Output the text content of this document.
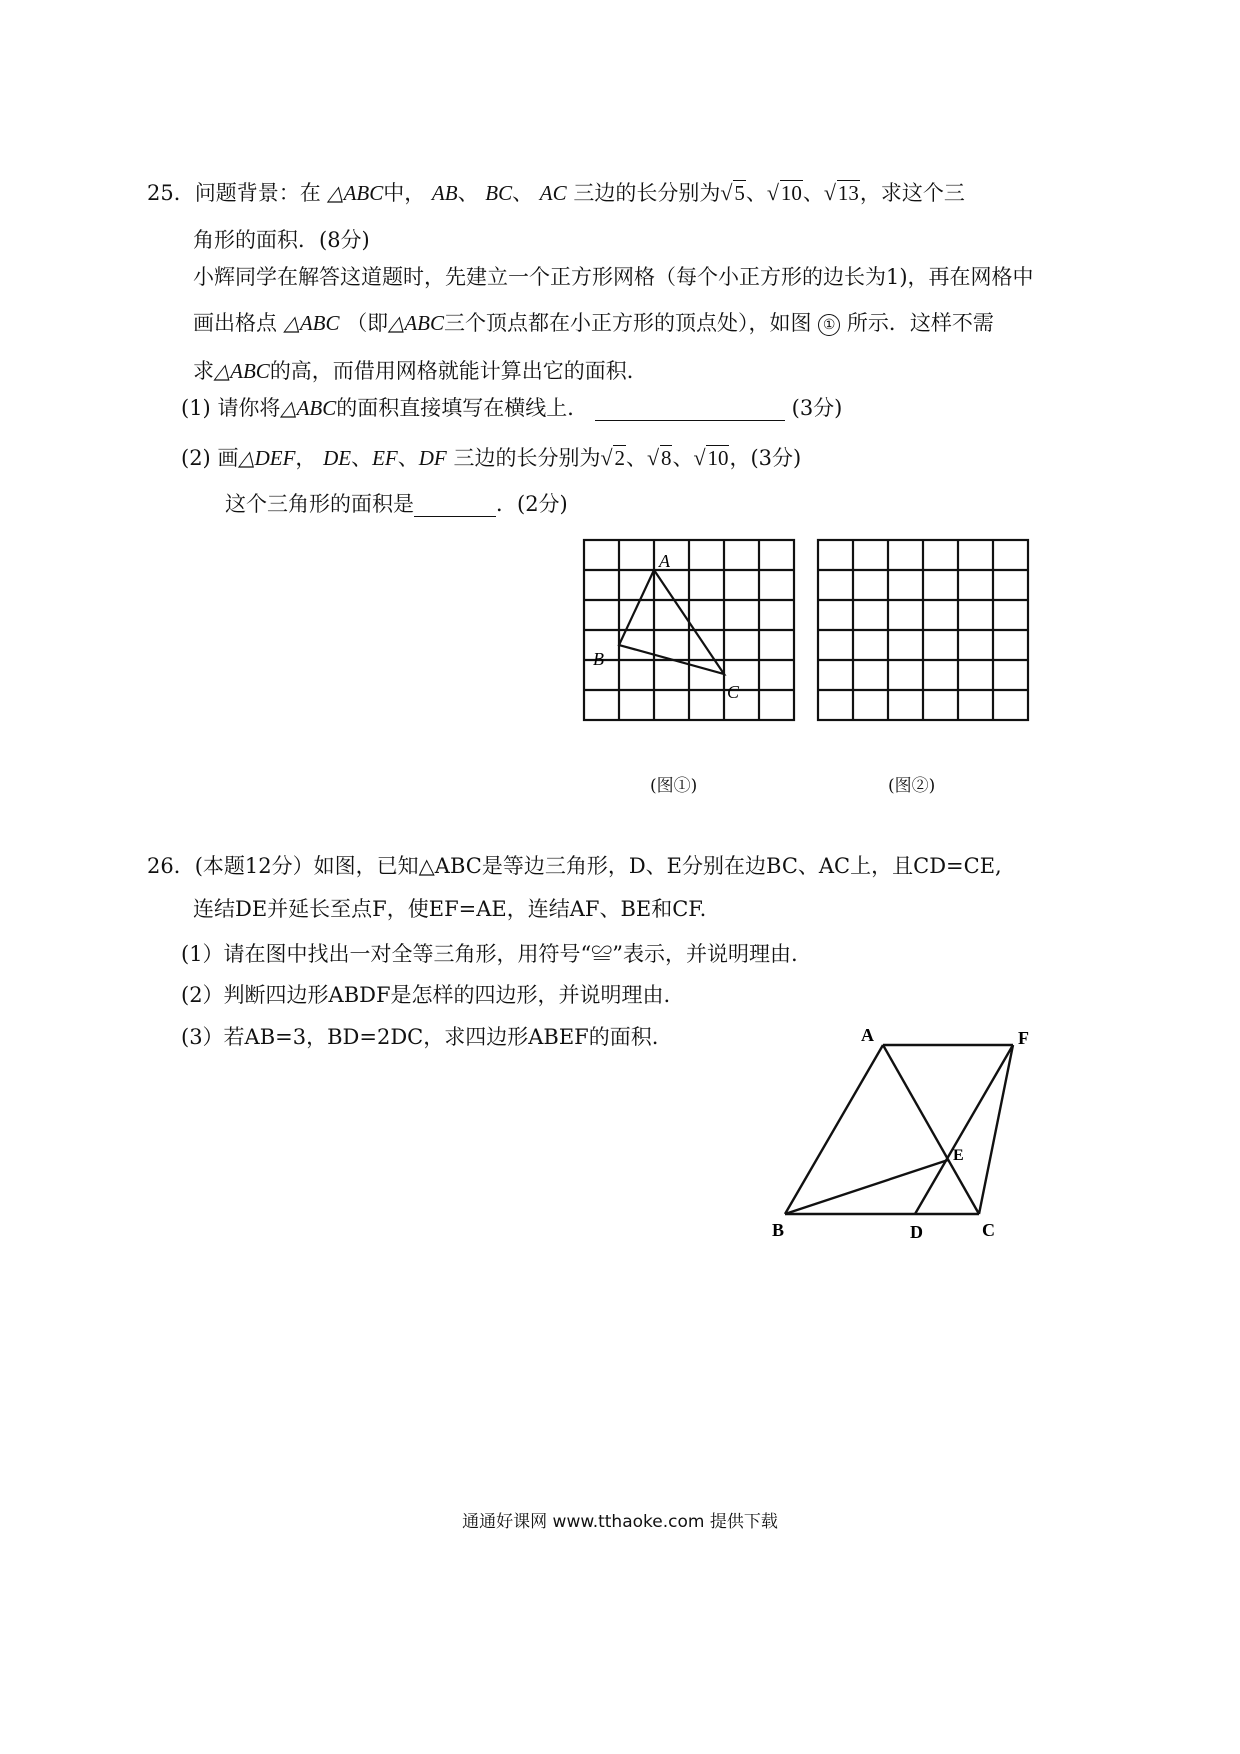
25．问题背景：在 △ABC中， AB、 BC、 AC 三边的长分别为 √ 5、 √ 10、 √ 13，求这个三
角形的面积．(8分)
小辉同学在解答这道题时，先建立一个正方形网格（每个小正方形的边长为1)，再在网格中
画出格点 △ABC （即△ABC三个顶点都在小正方形的顶点处），如图 ① 所示．这样不需
求△ABC的高，而借用网格就能计算出它的面积．
(1) 请你将△ABC的面积直接填写在横线上．	(3分)
(2) 画△DEF， DE、EF、DF 三边的长分别为 √ 2、 √ 8、 √ 10，(3分)
这个三角形的面积是	．(2分)
A
B
C
(图①)	(图②)
26．(本题12分）如图，已知△ABC是等边三角形，D、E分别在边BC、AC上，且CD=CE,
连结DE并延长至点F，使EF=AE，连结AF、BE和CF.
(1）请在图中找出一对全等三角形，用符号“≌”表示，并说明理由.
(2）判断四边形ABDF是怎样的四边形，并说明理由.
(3）若AB=3，BD=2DC，求四边形ABEF的面积.	A	F
E
B	D	C
通通好课网 www.tthaoke.com 提供下载
